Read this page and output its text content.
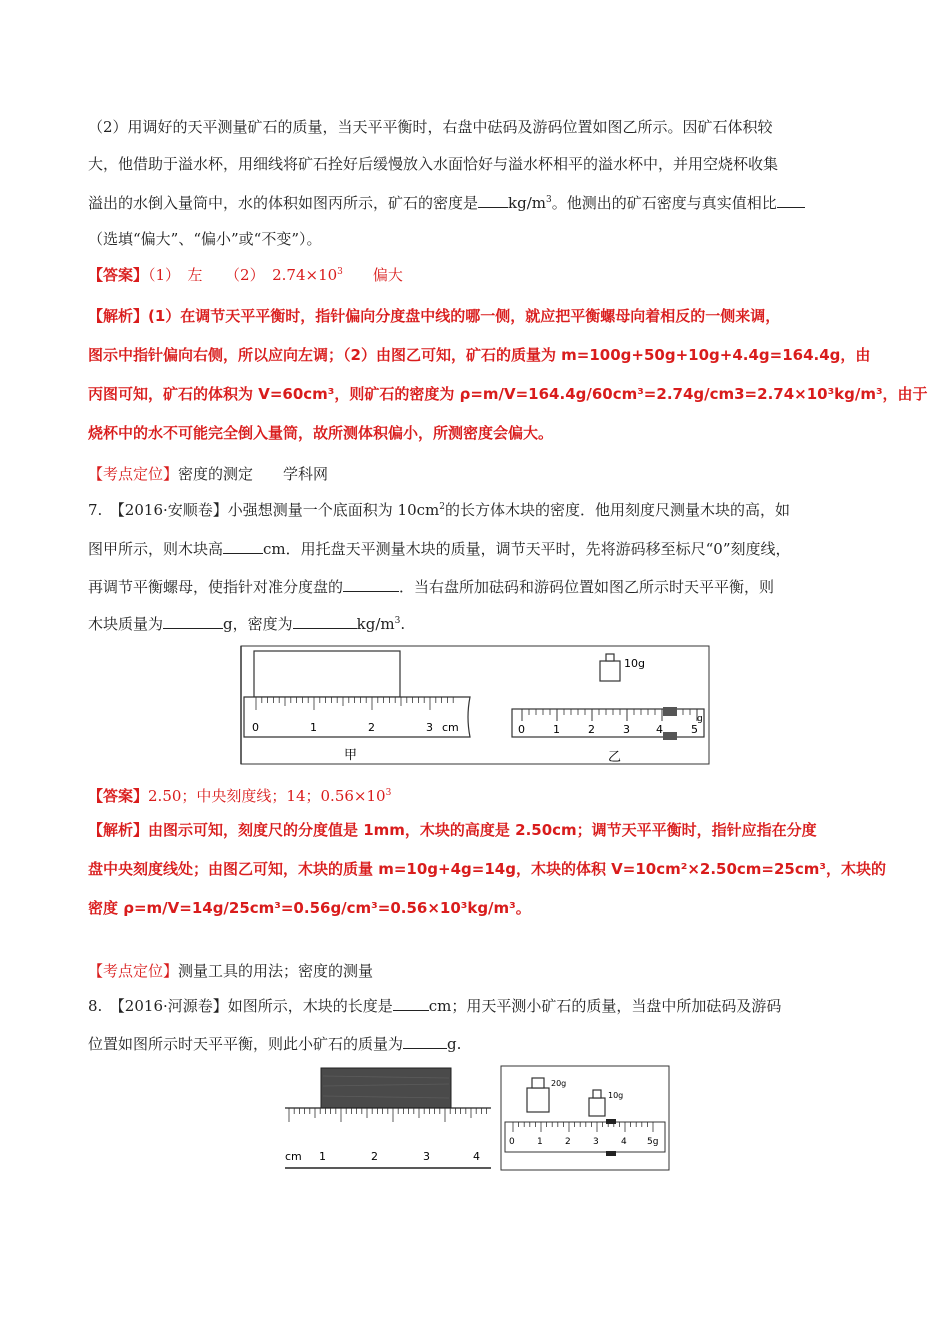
（2）用调好的天平测量矿石的质量，当天平平衡时，右盘中砝码及游码位置如图乙所示。因矿石体积较
大，他借助于溢水杯，用细线将矿石拴好后缓慢放入水面恰好与溢水杯相平的溢水杯中，并用空烧杯收集
溢出的水倒入量筒中，水的体积如图丙所示，矿石的密度是 $kg/m^3$。他测出的矿石密度与真实值相比
（选填“偏大”、“偏小”或“不变”）。
【答案】（1）　左　　（2）　$2.74\times 10^3$　　偏大
【解析】(1）在调节天平平衡时，指针偏向分度盘中线的哪一侧，就应把平衡螺母向着相反的一侧来调，
图示中指针偏向右侧，所以应向左调；（2）由图乙可知，矿石的质量为 m=100g+50g+10g+4.4g=164.4g，由
丙图可知，矿石的体积为 V=60cm³，则矿石的密度为 ρ=m/V=164.4g/60cm³=2.74g/cm3=2.74×10³kg/m³，由于
烧杯中的水不可能完全倒入量筒，故所测体积偏小，所测密度会偏大。
【考点定位】密度的测定　　学科网
7.　【2016·安顺卷】小强想测量一个底面积为 $10cm^2$的长方体木块的密度．他用刻度尺测量木块的高，如
图甲所示，则木块高	cm．用托盘天平测量木块的质量，调节天平时，先将游码移至标尺“0”刻度线，
再调节平衡螺母，使指针对准分度盘的	．当右盘所加砝码和游码位置如图乙所示时天平平衡，则
木块质量为	g，密度为	$kg/m^3$.
0	1	2	3 cm
甲
10g
0	1	2	3 4	5
g
乙
【答案】2.50；中央刻度线；14；$0.56\times 10^3$
【解析】由图示可知，刻度尺的分度值是 1mm，木块的高度是 2.50cm；调节天平平衡时，指针应指在分度
盘中央刻度线处；由图乙可知，木块的质量 m=10g+4g=14g，木块的体积 V=10cm²×2.50cm=25cm³，木块的
密度 ρ=m/V=14g/25cm³=0.56g/cm³=0.56×10³kg/m³。
【考点定位】测量工具的用法；密度的测量
8.　【2016·河源卷】如图所示，木块的长度是 cm；用天平测小矿石的质量，当盘中所加砝码及游码
位置如图所示时天平平衡，则此小矿石的质量为	g.
cm 1	2	3	4
20g
10g
0 1 2 3 4 5g
